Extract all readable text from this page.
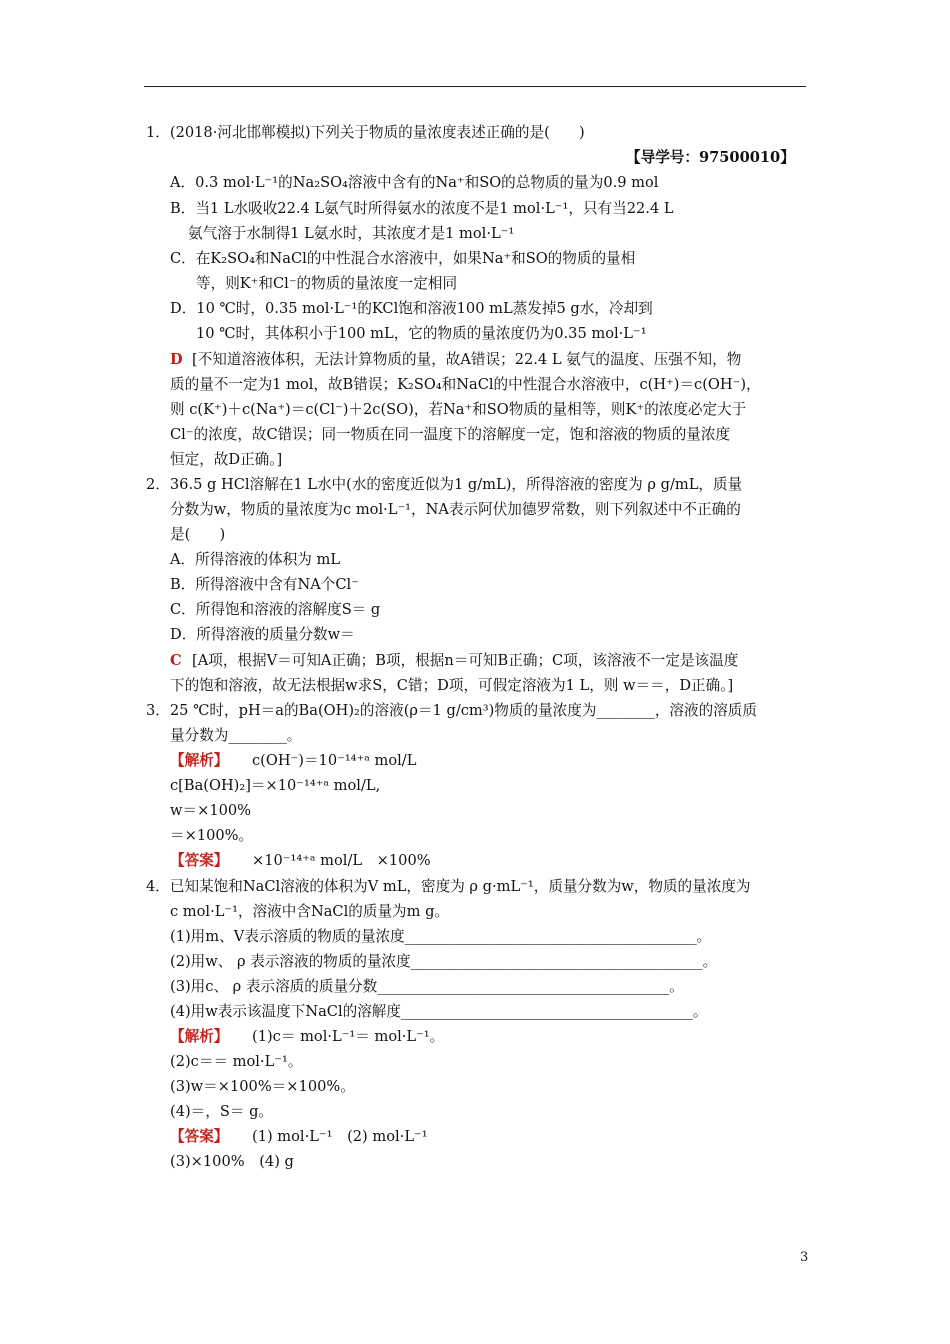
1．(2018·河北邯郸模拟)下列关于物质的量浓度表述正确的是(　　)
【导学号：97500010】
A．0.3 mol·L⁻¹的Na₂SO₄溶液中含有的Na⁺和SO的总物质的量为0.9 mol
B．当1 L水吸收22.4 L氨气时所得氨水的浓度不是1 mol·L⁻¹，只有当22.4 L
氨气溶于水制得1 L氨水时，其浓度才是1 mol·L⁻¹
C．在K₂SO₄和NaCl的中性混合水溶液中，如果Na⁺和SO的物质的量相
等，则K⁺和Cl⁻的物质的量浓度一定相同
D．10 ℃时，0.35 mol·L⁻¹的KCl饱和溶液100 mL蒸发掉5 g水，冷却到
10 ℃时，其体积小于100 mL，它的物质的量浓度仍为0.35 mol·L⁻¹
D [不知道溶液体积，无法计算物质的量，故A错误；22.4 L 氨气的温度、压强不知，物
质的量不一定为1 mol，故B错误；K₂SO₄和NaCl的中性混合水溶液中，c(H⁺)＝c(OH⁻)，
则 c(K⁺)＋c(Na⁺)＝c(Cl⁻)＋2c(SO)，若Na⁺和SO物质的量相等，则K⁺的浓度必定大于
Cl⁻的浓度，故C错误；同一物质在同一温度下的溶解度一定，饱和溶液的物质的量浓度
恒定，故D正确。]
2．36.5 g HCl溶解在1 L水中(水的密度近似为1 g/mL)，所得溶液的密度为 ρ g/mL，质量
分数为w，物质的量浓度为c mol·L⁻¹，NA表示阿伏加德罗常数，则下列叙述中不正确的
是(　　)
A．所得溶液的体积为 mL
B．所得溶液中含有NA个Cl⁻
C．所得饱和溶液的溶解度S＝ g
D．所得溶液的质量分数w＝
C [A项，根据V＝可知A正确；B项，根据n＝可知B正确；C项，该溶液不一定是该温度
下的饱和溶液，故无法根据w求S，C错；D项，可假定溶液为1 L，则 w＝＝，D正确。]
3．25 ℃时，pH＝a的Ba(OH)₂的溶液(ρ＝1 g/cm³)物质的量浓度为________，溶液的溶质质
量分数为________。
【解析】 c(OH⁻)＝10⁻¹⁴⁺ᵃ mol/L
c[Ba(OH)₂]＝×10⁻¹⁴⁺ᵃ mol/L,
w＝×100%
＝×100%。
【答案】 ×10⁻¹⁴⁺ᵃ mol/L　×100%
4．已知某饱和NaCl溶液的体积为V mL，密度为 ρ g·mL⁻¹，质量分数为w，物质的量浓度为
c mol·L⁻¹，溶液中含NaCl的质量为m g。
(1)用m、V表示溶质的物质的量浓度________________________________________。
(2)用w、 ρ 表示溶液的物质的量浓度________________________________________。
(3)用c、 ρ 表示溶质的质量分数________________________________________。
(4)用w表示该温度下NaCl的溶解度________________________________________。
【解析】 (1)c＝ mol·L⁻¹＝ mol·L⁻¹。
(2)c＝＝ mol·L⁻¹。
(3)w＝×100%＝×100%。
(4)＝，S＝ g。
【答案】 (1) mol·L⁻¹　(2) mol·L⁻¹
(3)×100%　(4) g
3
